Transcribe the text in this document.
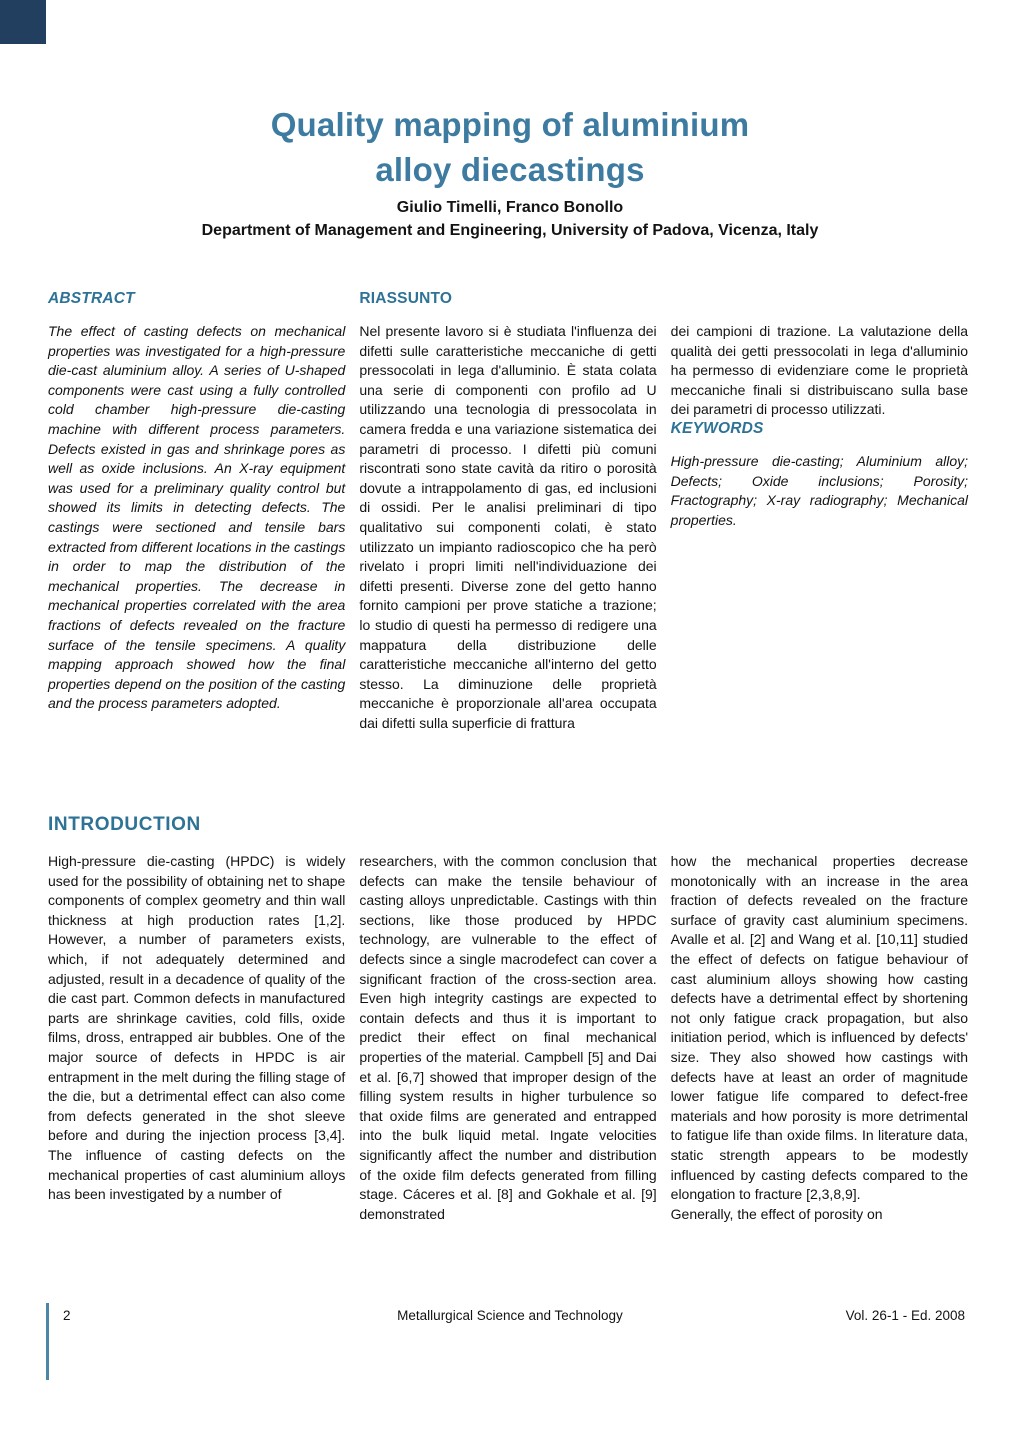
Quality mapping of aluminium
alloy diecastings
Giulio Timelli, Franco Bonollo
Department of Management and Engineering, University of Padova, Vicenza, Italy
ABSTRACT

The effect of casting defects on mechanical properties was investigated for a high-pressure die-cast aluminium alloy. A series of U-shaped components were cast using a fully controlled cold chamber high-pressure die-casting machine with different process parameters. Defects existed in gas and shrinkage pores as well as oxide inclusions. An X-ray equipment was used for a preliminary quality control but showed its limits in detecting defects. The castings were sectioned and tensile bars extracted from different locations in the castings in order to map the distribution of the mechanical properties. The decrease in mechanical properties correlated with the area fractions of defects revealed on the fracture surface of the tensile specimens. A quality mapping approach showed how the final properties depend on the position of the casting and the process parameters adopted.

RIASSUNTO

Nel presente lavoro si è studiata l'influenza dei difetti sulle caratteristiche meccaniche di getti pressocolati in lega d'alluminio. È stata colata una serie di componenti con profilo ad U utilizzando una tecnologia di pressocolata in camera fredda e una variazione sistematica dei parametri di processo. I difetti più comuni riscontrati sono state cavità da ritiro o porosità dovute a intrappolamento di gas, ed inclusioni di ossidi. Per le analisi preliminari di tipo qualitativo sui componenti colati, è stato utilizzato un impianto radioscopico che ha però rivelato i propri limiti nell'individuazione dei difetti presenti. Diverse zone del getto hanno fornito campioni per prove statiche a trazione; lo studio di questi ha permesso di redigere una mappatura della distribuzione delle caratteristiche meccaniche all'interno del getto stesso. La diminuzione delle proprietà meccaniche è proporzionale all'area occupata dai difetti sulla superficie di frattura

dei campioni di trazione. La valutazione della qualità dei getti pressocolati in lega d'alluminio ha permesso di evidenziare come le proprietà meccaniche finali si distribuiscano sulla base dei parametri di processo utilizzati.

KEYWORDS

High-pressure die-casting; Aluminium alloy; Defects; Oxide inclusions; Porosity; Fractography; X-ray radiography; Mechanical properties.

INTRODUCTION

High-pressure die-casting (HPDC) is widely used for the possibility of obtaining net to shape components of complex geometry and thin wall thickness at high production rates [1,2]. However, a number of parameters exists, which, if not adequately determined and adjusted, result in a decadence of quality of the die cast part. Common defects in manufactured parts are shrinkage cavities, cold fills, oxide films, dross, entrapped air bubbles. One of the major source of defects in HPDC is air entrapment in the melt during the filling stage of the die, but a detrimental effect can also come from defects generated in the shot sleeve before and during the injection process [3,4]. The influence of casting defects on the mechanical properties of cast aluminium alloys has been investigated by a number of

researchers, with the common conclusion that defects can make the tensile behaviour of casting alloys unpredictable. Castings with thin sections, like those produced by HPDC technology, are vulnerable to the effect of defects since a single macrodefect can cover a significant fraction of the cross-section area. Even high integrity castings are expected to contain defects and thus it is important to predict their effect on final mechanical properties of the material. Campbell [5] and Dai et al. [6,7] showed that improper design of the filling system results in higher turbulence so that oxide films are generated and entrapped into the bulk liquid metal. Ingate velocities significantly affect the number and distribution of the oxide film defects generated from filling stage. Cáceres et al. [8] and Gokhale et al. [9] demonstrated

how the mechanical properties decrease monotonically with an increase in the area fraction of defects revealed on the fracture surface of gravity cast aluminium specimens. Avalle et al. [2] and Wang et al. [10,11] studied the effect of defects on fatigue behaviour of cast aluminium alloys showing how casting defects have a detrimental effect by shortening not only fatigue crack propagation, but also initiation period, which is influenced by defects' size. They also showed how castings with defects have at least an order of magnitude lower fatigue life compared to defect-free materials and how porosity is more detrimental to fatigue life than oxide films. In literature data, static strength appears to be modestly influenced by casting defects compared to the elongation to fracture [2,3,8,9].

Generally, the effect of porosity on

2	Metallurgical Science and Technology	Vol. 26-1 - Ed. 2008
